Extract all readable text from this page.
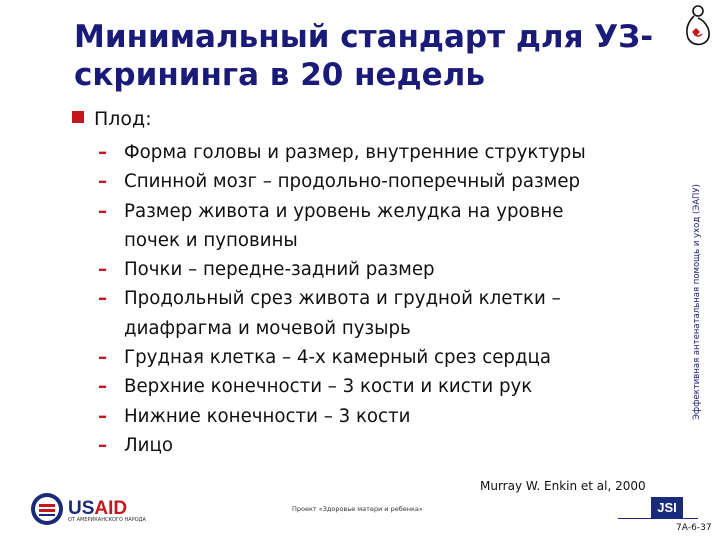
Минимальный стандарт для УЗ-
скрининга в 20 недель
Эффективная антенатальная помощь и уход (ЭАПУ)
Плод:
– Форма головы и размер, внутренние структуры
– Спинной мозг – продольно-поперечный размер
– Размер живота и уровень желудка на уровне
почек и пуповины
– Почки – передне-задний размер
– Продольный срез живота и грудной клетки –
диафрагма и мочевой пузырь
– Грудная клетка – 4-х камерный срез сердца
– Верхние конечности – 3 кости и кисти рук
– Нижние конечности – 3 кости
– Лицо
Murray W. Enkin et al, 2000
USAID
ОТ АМЕРИКАНСКОГО НАРОДА
Проект «Здоровье матери и ребенка»	JSI
7А-6-37
